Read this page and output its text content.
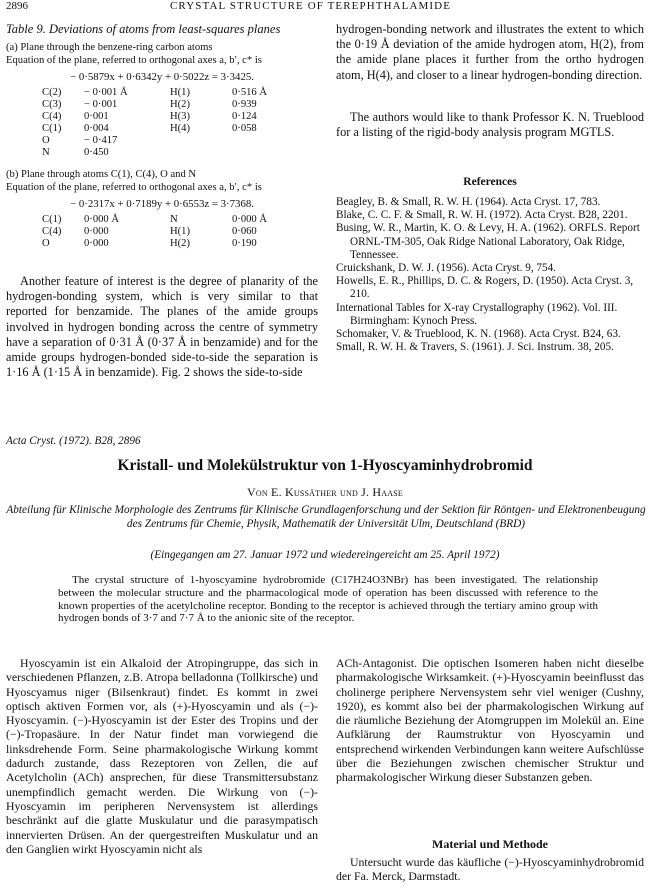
2896	CRYSTAL STRUCTURE OF TEREPHTHALAMIDE
Table 9. Deviations of atoms from least-squares planes
(a) Plane through the benzene-ring carbon atoms
Equation of the plane, referred to orthogonal axes a, b′, c* is
− 0·5879x + 0·6342y + 0·5022z = 3·3425.
C(2)	− 0·001 Å	H(1)	0·516 Å
C(3)	− 0·001	H(2)	0·939
C(4)	0·001	H(3)	0·124
C(1)	0·004	H(4)	0·058
O	− 0·417
N	0·450
(b) Plane through atoms C(1), C(4), O and N
Equation of the plane, referred to orthogonal axes a, b′, c* is
− 0·2317x + 0·7189y + 0·6553z = 3·7368.
C(1)	0·000 Å	N	0·000 Å
C(4)	0·000	H(1)	0·060
O	0·000	H(2)	0·190
Another feature of interest is the degree of planarity of the hydrogen-bonding system, which is very similar to that reported for benzamide. The planes of the amide groups involved in hydrogen bonding across the centre of symmetry have a separation of 0·31 Å (0·37 Å in benzamide) and for the amide groups hydrogen-bonded side-to-side the separation is 1·16 Å (1·15 Å in benzamide). Fig. 2 shows the side-to-side
hydrogen-bonding network and illustrates the extent to which the 0·19 Å deviation of the amide hydrogen atom, H(2), from the amide plane places it further from the ortho hydrogen atom, H(4), and closer to a linear hydrogen-bonding direction.
The authors would like to thank Professor K. N. Trueblood for a listing of the rigid-body analysis program MGTLS.
References

Beagley, B. & Small, R. W. H. (1964). Acta Cryst. 17, 783.

Blake, C. C. F. & Small, R. W. H. (1972). Acta Cryst. B28, 2201.

Busing, W. R., Martin, K. O. & Levy, H. A. (1962). ORFLS. Report ORNL-TM-305, Oak Ridge National Laboratory, Oak Ridge, Tennessee.

Cruickshank, D. W. J. (1956). Acta Cryst. 9, 754.

Howells, E. R., Phillips, D. C. & Rogers, D. (1950). Acta Cryst. 3, 210.

International Tables for X-ray Crystallography (1962). Vol. III. Birmingham: Kynoch Press.

Schomaker, V. & Trueblood, K. N. (1968). Acta Cryst. B24, 63.

Small, R. W. H. & Travers, S. (1961). J. Sci. Instrum. 38, 205.

Acta Cryst. (1972). B28, 2896
Kristall- und Molekülstruktur von 1-Hyoscyaminhydrobromid
Von E. Kussäther und J. Haase
Abteilung für Klinische Morphologie des Zentrums für Klinische Grundlagenforschung und der Sektion für Röntgen- und Elektronenbeugung des Zentrums für Chemie, Physik, Mathematik der Universität Ulm, Deutschland (BRD)
(Eingegangen am 27. Januar 1972 und wiedereingereicht am 25. April 1972)
The crystal structure of 1-hyoscyamine hydrobromide (C17H24O3NBr) has been investigated. The relationship between the molecular structure and the pharmacological mode of operation has been discussed with reference to the known properties of the acetylcholine receptor. Bonding to the receptor is achieved through the tertiary amino group with hydrogen bonds of 3·7 and 7·7 Å to the anionic site of the receptor.
Hyoscyamin ist ein Alkaloid der Atropingruppe, das sich in verschiedenen Pflanzen, z.B. Atropa belladonna (Tollkirsche) und Hyoscyamus niger (Bilsenkraut) findet. Es kommt in zwei optisch aktiven Formen vor, als (+)-Hyoscyamin und als (−)-Hyoscyamin. (−)-Hyoscyamin ist der Ester des Tropins und der (−)-Tropasäure. In der Natur findet man vorwiegend die linksdrehende Form. Seine pharmakologische Wirkung kommt dadurch zustande, dass Rezeptoren von Zellen, die auf Acetylcholin (ACh) ansprechen, für diese Transmittersubstanz unempfindlich gemacht werden. Die Wirkung von (−)-Hyoscyamin im peripheren Nervensystem ist allerdings beschränkt auf die glatte Muskulatur und die parasympatisch innervierten Drüsen. An der quergestreiften Muskulatur und an den Ganglien wirkt Hyoscyamin nicht als
ACh-Antagonist. Die optischen Isomeren haben nicht dieselbe pharmakologische Wirksamkeit. (+)-Hyoscyamin beeinflusst das cholinerge periphere Nervensystem sehr viel weniger (Cushny, 1920), es kommt also bei der pharmakologischen Wirkung auf die räumliche Beziehung der Atomgruppen im Molekül an. Eine Aufklärung der Raumstruktur von Hyoscyamin und entsprechend wirkenden Verbindungen kann weitere Aufschlüsse über die Beziehungen zwischen chemischer Struktur und pharmakologischer Wirkung dieser Substanzen geben.
Material und Methode
Untersucht wurde das käufliche (−)-Hyoscyaminhydrobromid der Fa. Merck, Darmstadt.
